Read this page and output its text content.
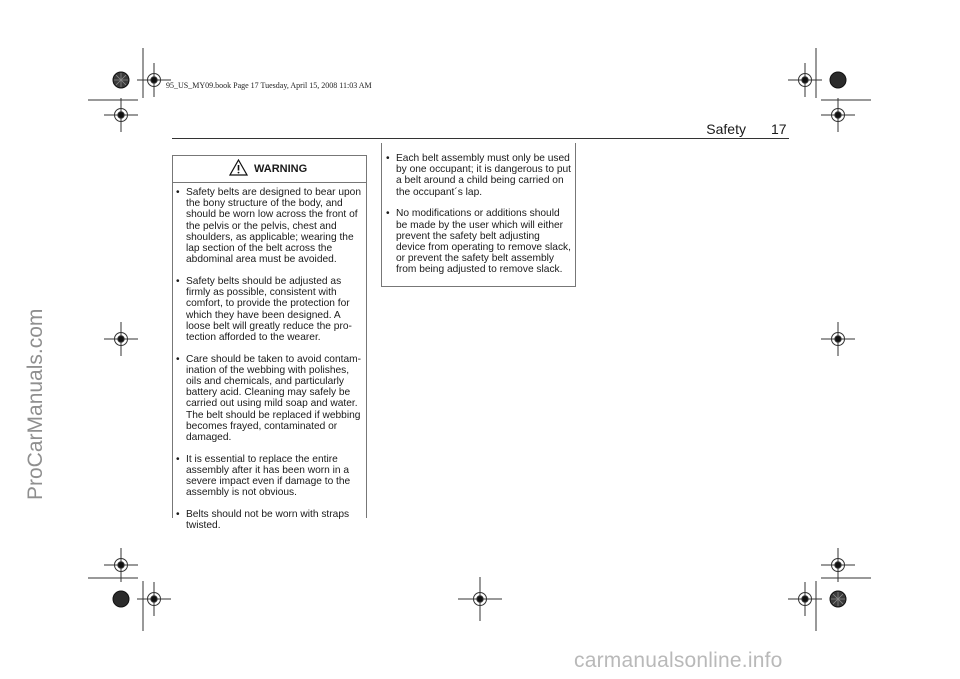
95_US_MY09.book Page 17 Tuesday, April 15, 2008 11:03 AM
Safety 17
WARNING
• Safety belts are designed to bear upon the bony structure of the body, and should be worn low across the front of the pelvis or the pelvis, chest and shoulders, as applicable; wearing the lap section of the belt across the abdominal area must be avoided.
• Safety belts should be adjusted as firmly as possible, consistent with comfort, to provide the protection for which they have been designed. A loose belt will greatly reduce the pro-tection afforded to the wearer.
• Care should be taken to avoid contam-ination of the webbing with polishes, oils and chemicals, and particularly battery acid. Cleaning may safely be carried out using mild soap and water. The belt should be replaced if webbing becomes frayed, contaminated or damaged.
• It is essential to replace the entire assembly after it has been worn in a severe impact even if damage to the assembly is not obvious.
• Belts should not be worn with straps twisted.
• Each belt assembly must only be used by one occupant; it is dangerous to put a belt around a child being carried on the occupant´s lap.
• No modifications or additions should be made by the user which will either prevent the safety belt adjusting device from operating to remove slack, or prevent the safety belt assembly from being adjusted to remove slack.
ProCarManuals.com
carmanualsonline.info
